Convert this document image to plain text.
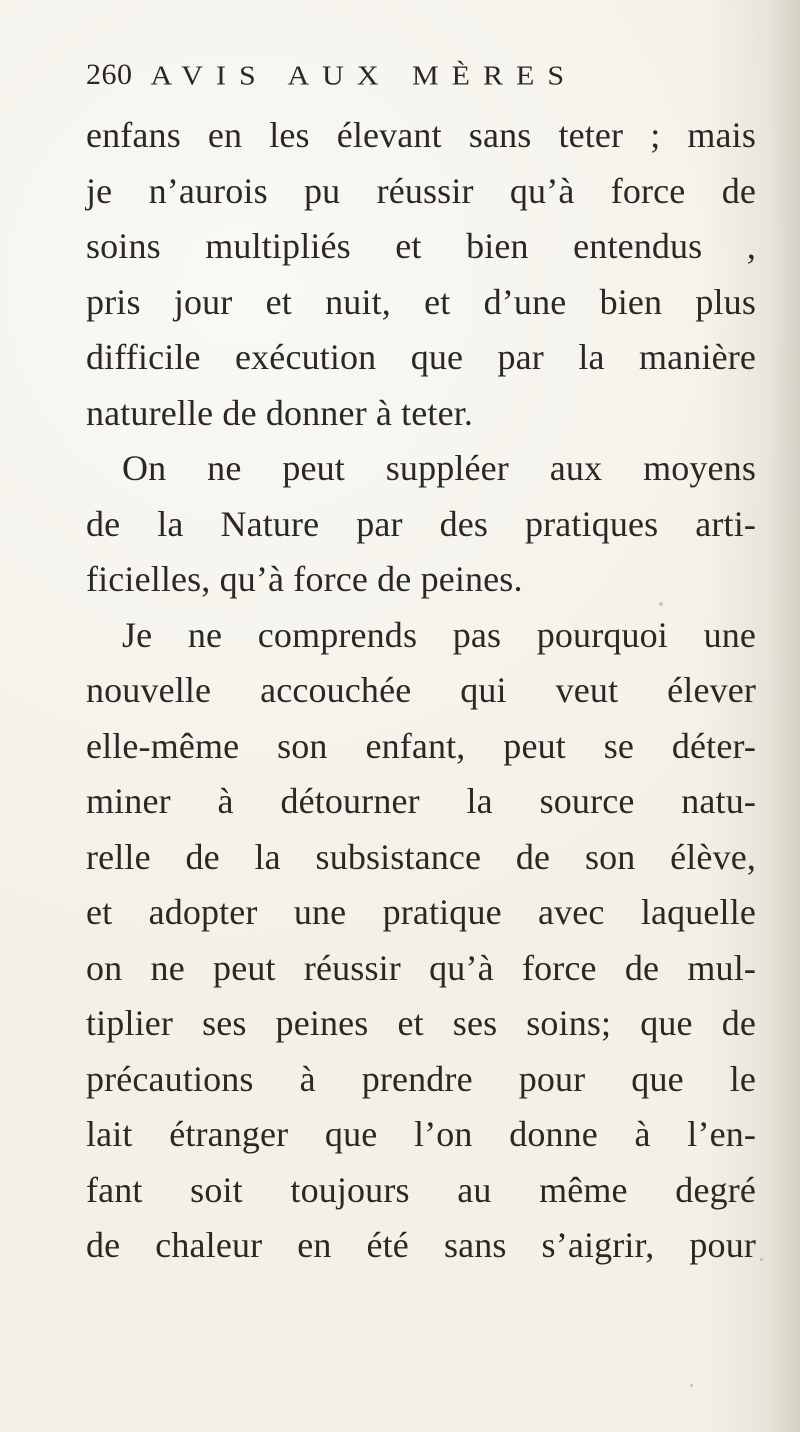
260 AVIS AUX MÈRES
enfans en les élevant sans teter ; mais
je n’aurois pu réussir qu’à force de
soins multipliés et bien entendus ,
pris jour et nuit, et d’une bien plus
difficile exécution que par la manière
naturelle de donner à teter.
On ne peut suppléer aux moyens
de la Nature par des pratiques arti-
ficielles, qu’à force de peines.
Je ne comprends pas pourquoi une
nouvelle accouchée qui veut élever
elle-même son enfant, peut se déter-
miner à détourner la source natu-
relle de la subsistance de son élève,
et adopter une pratique avec laquelle
on ne peut réussir qu’à force de mul-
tiplier ses peines et ses soins; que de
précautions à prendre pour que le
lait étranger que l’on donne à l’en-
fant soit toujours au même degré
de chaleur en été sans s’aigrir, pour
